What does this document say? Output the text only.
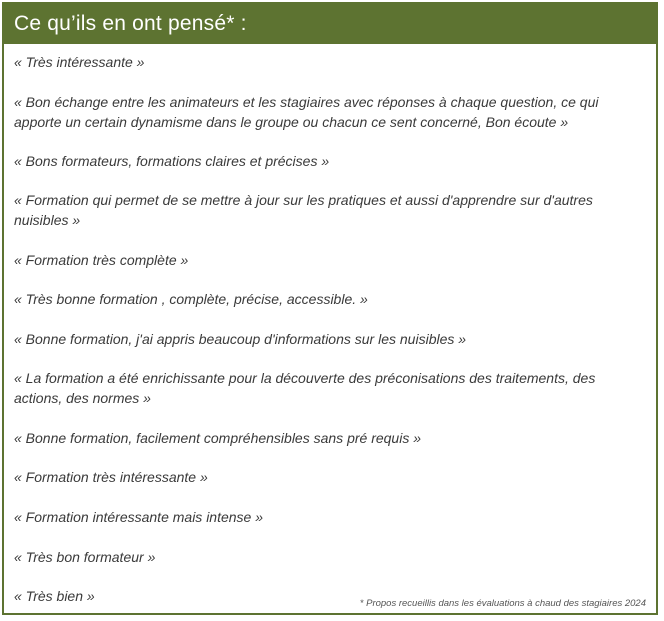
Ce qu’ils en ont pensé* :
« Très intéressante »
« Bon échange entre les animateurs et les stagiaires avec réponses à chaque question, ce qui apporte un certain dynamisme dans le groupe ou chacun ce sent concerné, Bon écoute »
« Bons formateurs, formations claires et précises »
« Formation qui permet de se mettre à jour sur les pratiques et aussi d'apprendre sur d'autres nuisibles »
« Formation très complète »
« Très bonne formation , complète, précise, accessible. »
« Bonne formation, j'ai appris beaucoup d'informations sur les nuisibles »
« La formation a été enrichissante pour la découverte des préconisations des traitements, des actions, des normes »
« Bonne formation, facilement compréhensibles sans pré requis »
« Formation très intéressante »
« Formation intéressante mais intense »
« Très bon formateur »
« Très bien »	* Propos recueillis dans les évaluations à chaud des stagiaires 2024
